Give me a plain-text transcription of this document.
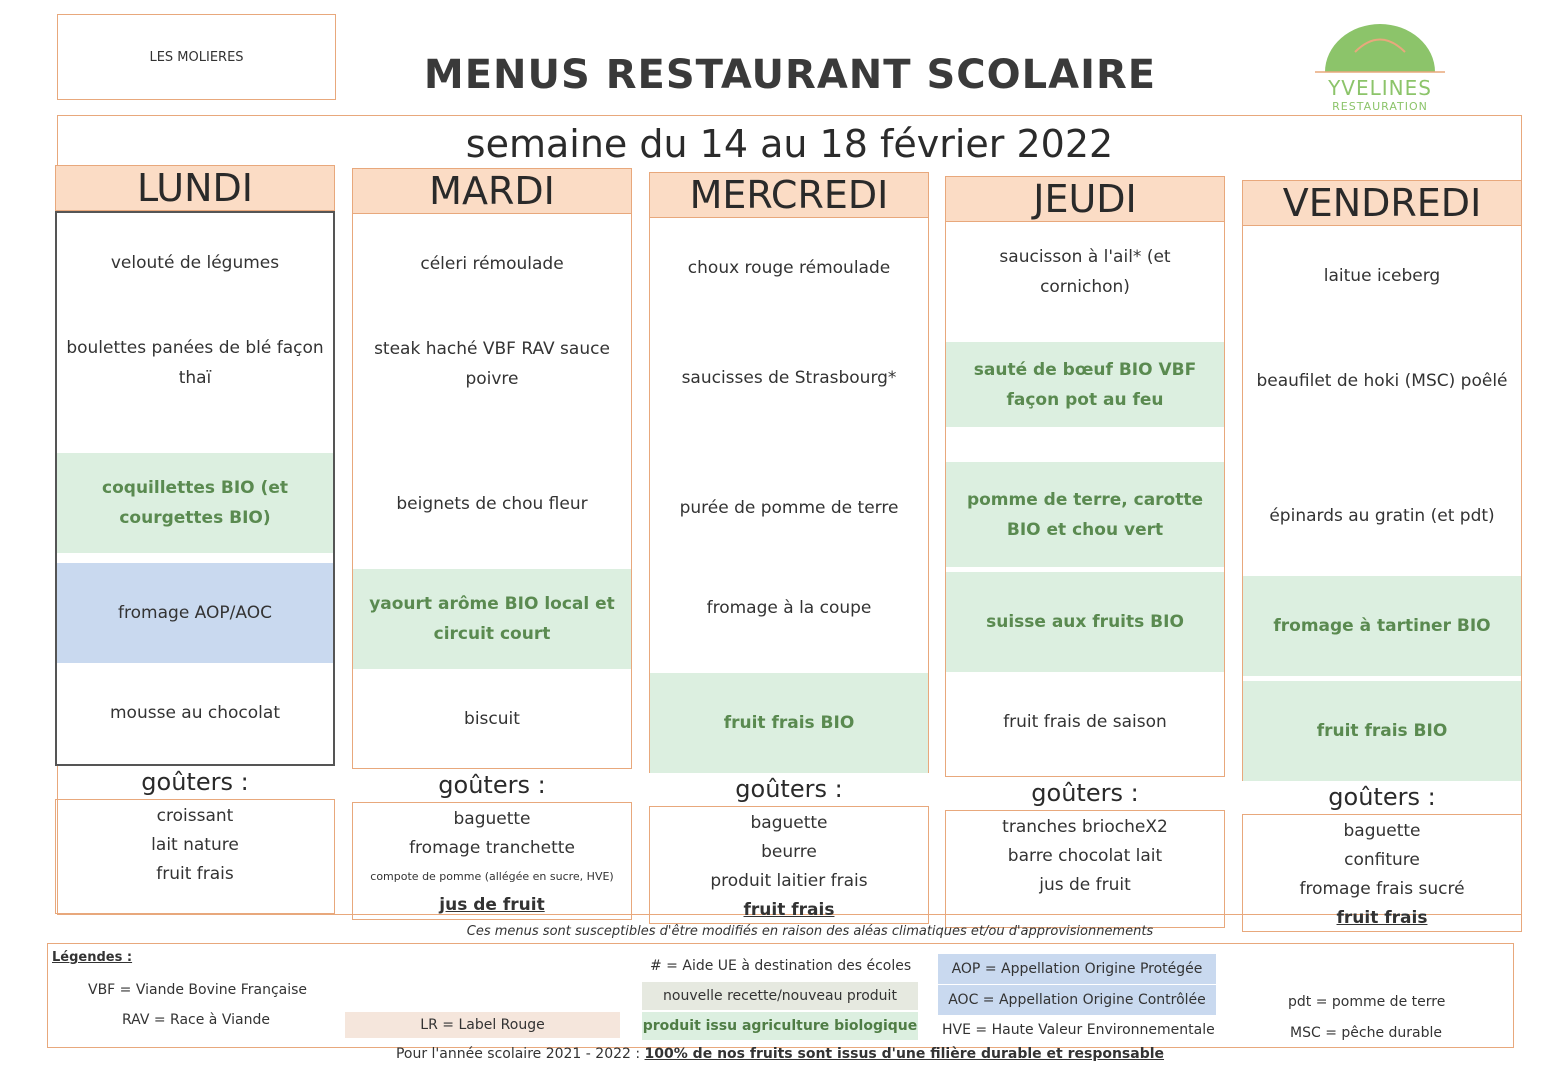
LES MOLIERES	MENUS RESTAURANT SCOLAIRE	YVELINES
RESTAURATION
semaine du 14 au 18 février 2022
LUNDI
velouté de légumes
boulettes panées de blé façon
thaï
coquillettes BIO (et
courgettes BIO)
fromage AOP/AOC
mousse au chocolat
goûters :
croissant
lait nature
fruit frais
MARDI
céleri rémoulade
steak haché VBF RAV sauce
poivre
beignets de chou fleur
yaourt arôme BIO local et
circuit court
biscuit
goûters :
baguette
fromage tranchette
compote de pomme (allégée en sucre, HVE)
jus de fruit
MERCREDI
choux rouge rémoulade
saucisses de Strasbourg*
purée de pomme de terre
fromage à la coupe
fruit frais BIO
goûters :
baguette
beurre
produit laitier frais
fruit frais
JEUDI
saucisson à l'ail* (et cornichon)
sauté de bœuf BIO VBF
façon pot au feu
pomme de terre, carotte
BIO et chou vert
suisse aux fruits BIO
fruit frais de saison
goûters :
tranches briocheX2
barre chocolat lait
jus de fruit
VENDREDI
laitue iceberg
beaufilet de hoki (MSC) poêlé
épinards au gratin (et pdt)
fromage à tartiner BIO
fruit frais BIO
goûters :
baguette
confiture
fromage frais sucré
fruit frais
Ces menus sont susceptibles d'être modifiés en raison des aléas climatiques et/ou d'approvisionnements
Légendes :
VBF = Viande Bovine Française
RAV = Race à Viande	LR = Label Rouge
# = Aide UE à destination des écoles
nouvelle recette/nouveau produit
produit issu agriculture biologique
AOP = Appellation Origine Protégée
AOC = Appellation Origine Contrôlée
HVE = Haute Valeur Environnementale
pdt = pomme de terre
MSC = pêche durable
Pour l'année scolaire 2021 - 2022 : 100% de nos fruits sont issus d'une filière durable et responsable
